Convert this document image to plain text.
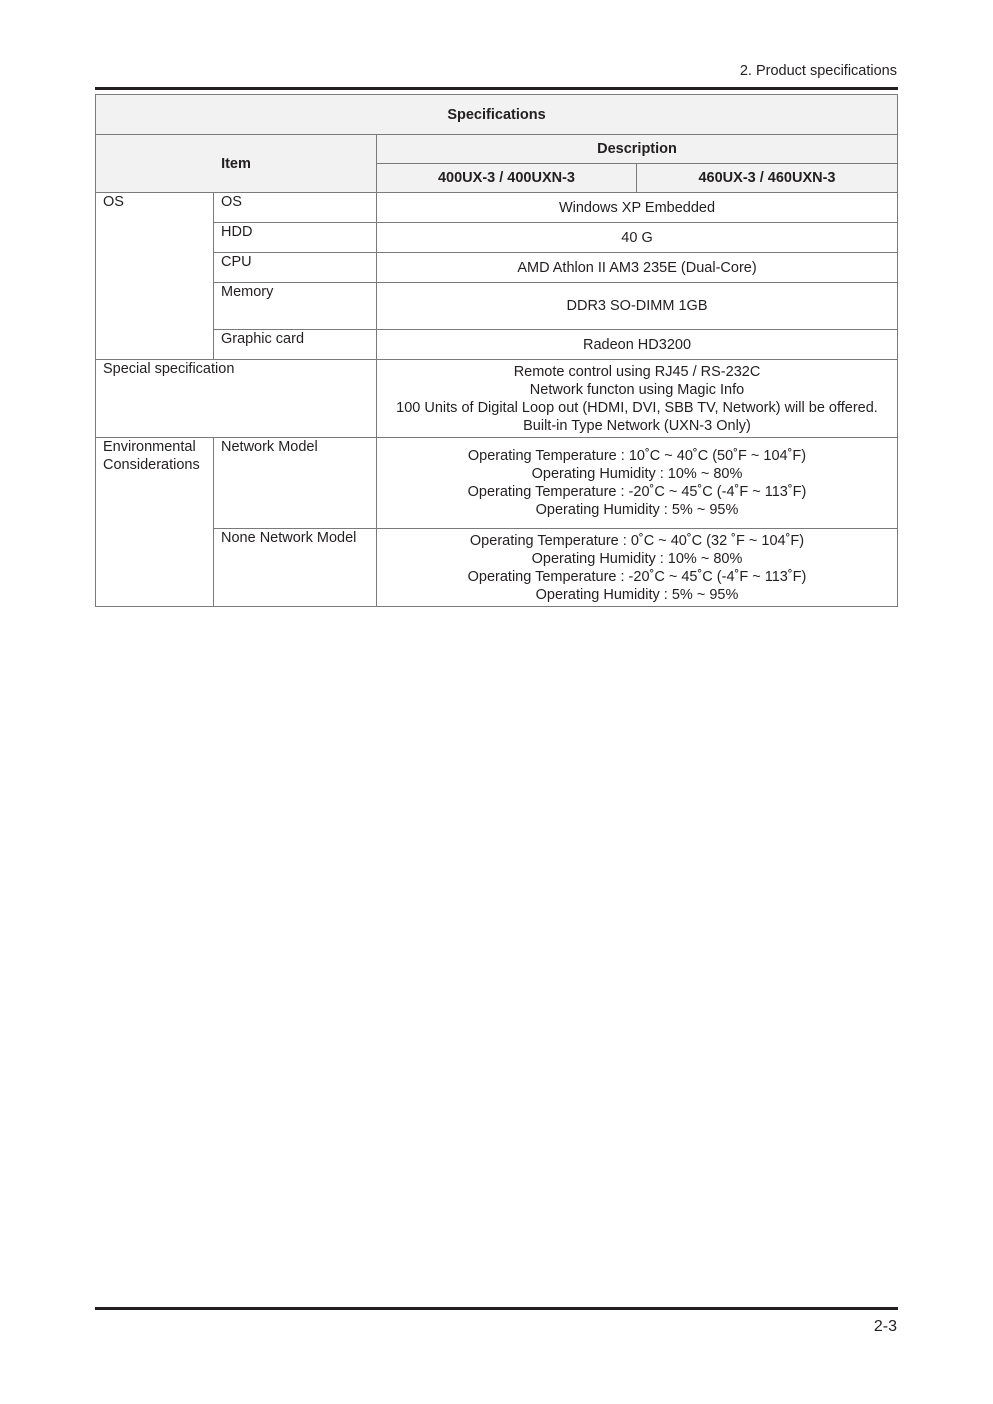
2. Product specifications
Specifications			
Item		Description	
		400UX-3 / 400UXN-3	460UX-3 / 460UXN-3
OS	OS	Windows XP Embedded	
	HDD	40 G	
	CPU	AMD Athlon II AM3 235E (Dual-Core)	
	Memory	DDR3 SO-DIMM 1GB	
	Graphic card	Radeon HD3200	
Special specification		Remote control using RJ45 / RS-232C
Network functon using Magic Info
100 Units of Digital Loop out (HDMI, DVI, SBB TV, Network) will be offered.
Built-in Type Network (UXN-3 Only)	

Environmental
Considerations	Network Model	Operating Temperature : 10˚C ~ 40˚C (50˚F ~ 104˚F)
Operating Humidity : 10% ~ 80%
Operating Temperature : -20˚C ~ 45˚C (-4˚F ~ 113˚F)
Operating Humidity : 5% ~ 95%	

	None Network Model	Operating Temperature : 0˚C ~ 40˚C (32 ˚F ~ 104˚F)
Operating Humidity : 10% ~ 80%
Operating Temperature : -20˚C ~ 45˚C (-4˚F ~ 113˚F)
Operating Humidity : 5% ~ 95%	
2-3
